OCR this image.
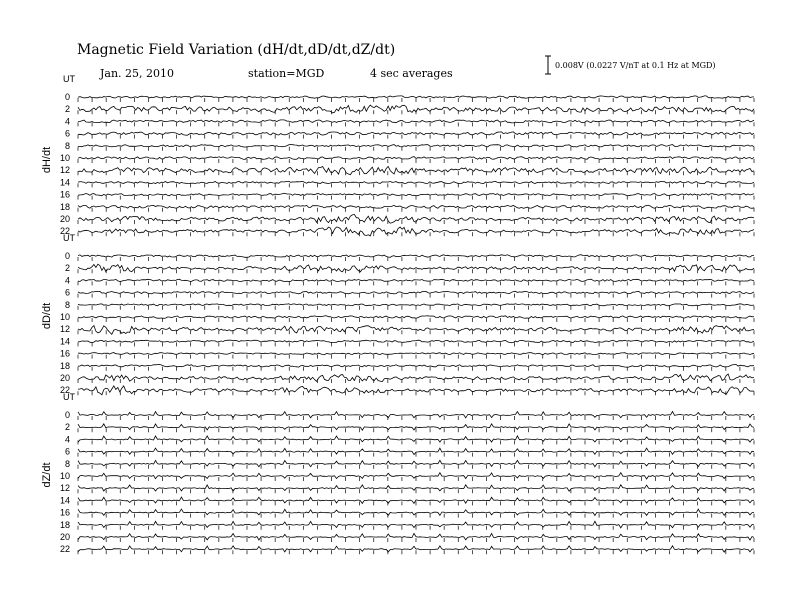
Magnetic Field Variation (dH/dt,dD/dt,dZ/dt)
Jan. 25, 2010	station=MGD	4 sec averages
0.008V (0.0227 V/nT at 0.1 Hz at MGD)
UT
dH/dt
0
2
4
6
8
10
12
14
16
18
20
22
UT
dD/dt
0
2
4
6
8
10
12
14
16
18
20
22
UT
dZ/dt
0
2
4
6
8
10
12
14
16
18
20
22
